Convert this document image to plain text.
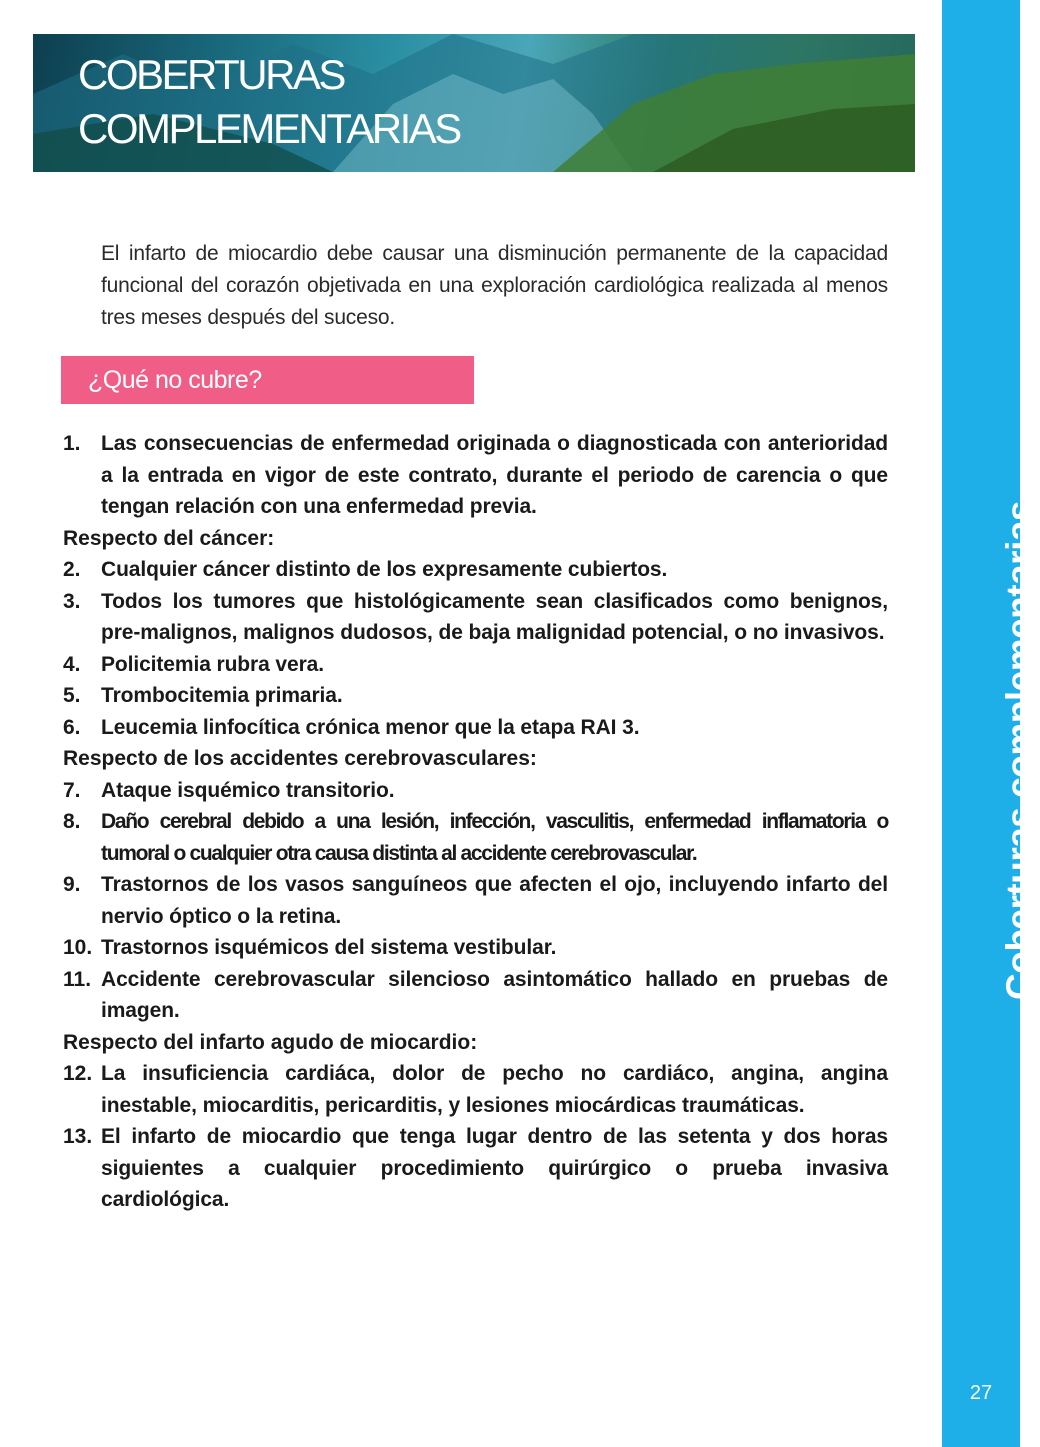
COBERTURAS
COMPLEMENTARIAS

El infarto de miocardio debe causar una disminución permanente de la capacidad funcional del corazón objetivada en una exploración cardiológica realizada al menos tres meses después del suceso.

¿Qué no cubre?
1. Las consecuencias de enfermedad originada o diagnosticada con anterioridad a la entrada en vigor de este contrato, durante el periodo de carencia o que tengan relación con una enfermedad previa.
Respecto del cáncer:
2. Cualquier cáncer distinto de los expresamente cubiertos.
3. Todos los tumores que histológicamente sean clasificados como benignos, pre-malignos, malignos dudosos, de baja malignidad potencial, o no invasivos.
4. Policitemia rubra vera.
5. Trombocitemia primaria.
6. Leucemia linfocítica crónica menor que la etapa RAI 3.
Respecto de los accidentes cerebrovasculares:
7. Ataque isquémico transitorio.
8. Daño cerebral debido a una lesión, infección, vasculitis, enfermedad inflamatoria o tumoral o cualquier otra causa distinta al accidente cerebrovascular.
9. Trastornos de los vasos sanguíneos que afecten el ojo, incluyendo infarto del nervio óptico o la retina.
10. Trastornos isquémicos del sistema vestibular.
11. Accidente cerebrovascular silencioso asintomático hallado en pruebas de imagen.
Respecto del infarto agudo de miocardio:
12. La insuficiencia cardiáca, dolor de pecho no cardiáco, angina, angina inestable, miocarditis, pericarditis, y lesiones miocárdicas traumáticas.
13. El infarto de miocardio que tenga lugar dentro de las setenta y dos horas siguientes a cualquier procedimiento quirúrgico o prueba invasiva cardiológica.
Coberturas complementarias
27
